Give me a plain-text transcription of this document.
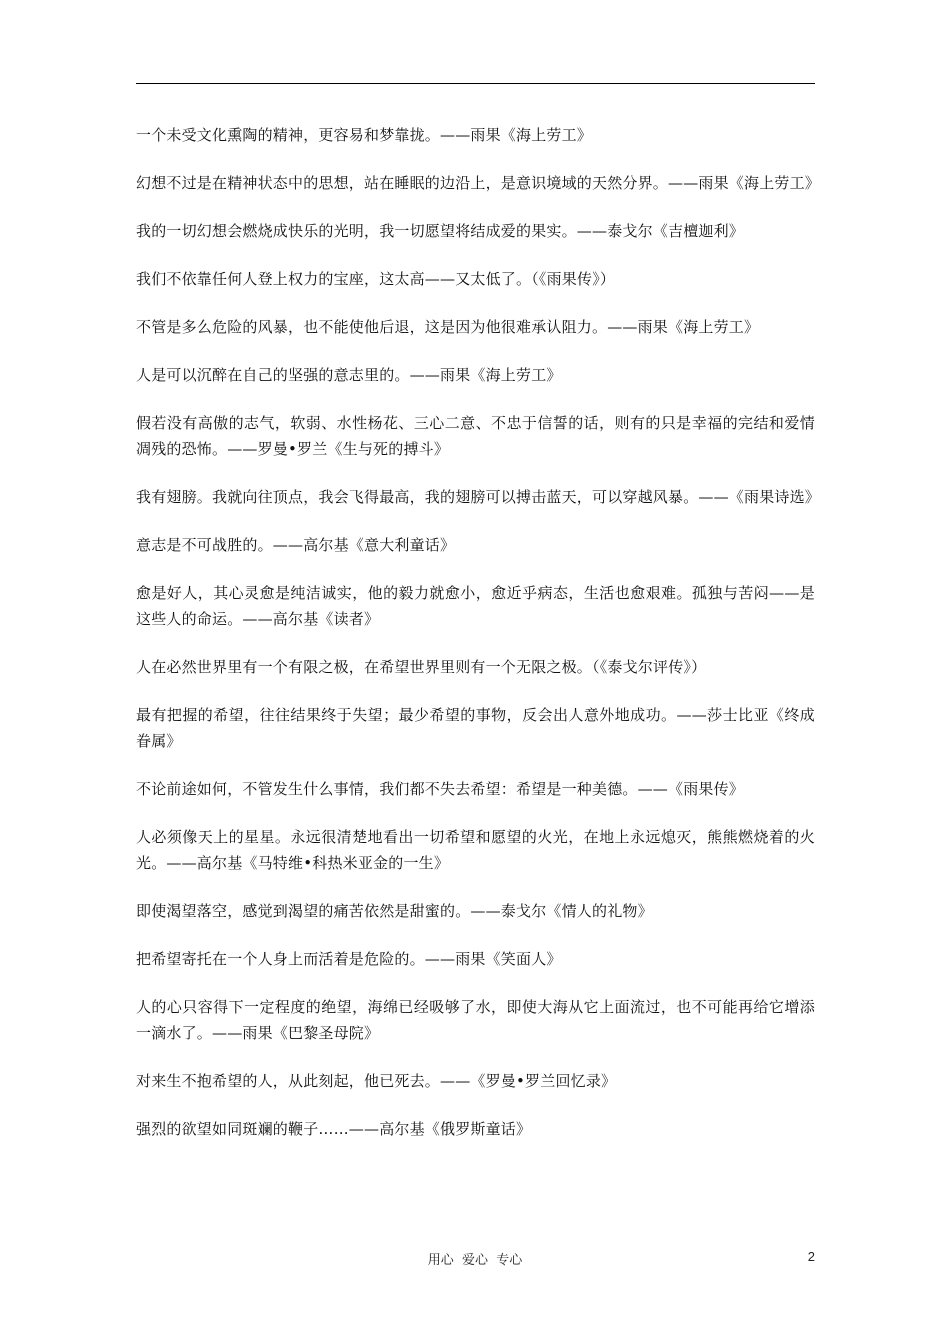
一个未受文化熏陶的精神，更容易和梦靠拢。——雨果《海上劳工》

幻想不过是在精神状态中的思想，站在睡眠的边沿上，是意识境域的天然分界。——雨果《海上劳工》

我的一切幻想会燃烧成快乐的光明，我一切愿望将结成爱的果实。——泰戈尔《吉檀迦利》

我们不依靠任何人登上权力的宝座，这太高——又太低了。（《雨果传》）

不管是多么危险的风暴，也不能使他后退，这是因为他很难承认阻力。——雨果《海上劳工》

人是可以沉醉在自己的坚强的意志里的。——雨果《海上劳工》

假若没有高傲的志气，软弱、水性杨花、三心二意、不忠于信誓的话，则有的只是幸福的完结和爱情凋残的恐怖。——罗曼•罗兰《生与死的搏斗》

我有翅膀。我就向往顶点，我会飞得最高，我的翅膀可以搏击蓝天，可以穿越风暴。——《雨果诗选》

意志是不可战胜的。——高尔基《意大利童话》

愈是好人，其心灵愈是纯洁诚实，他的毅力就愈小，愈近乎病态，生活也愈艰难。孤独与苦闷——是这些人的命运。——高尔基《读者》

人在必然世界里有一个有限之极，在希望世界里则有一个无限之极。（《泰戈尔评传》）

最有把握的希望，往往结果终于失望；最少希望的事物，反会出人意外地成功。——莎士比亚《终成眷属》

不论前途如何，不管发生什么事情，我们都不失去希望：希望是一种美德。——《雨果传》

人必须像天上的星星。永远很清楚地看出一切希望和愿望的火光，在地上永远熄灭，熊熊燃烧着的火光。——高尔基《马特维•科热米亚金的一生》

即使渴望落空，感觉到渴望的痛苦依然是甜蜜的。——泰戈尔《情人的礼物》

把希望寄托在一个人身上而活着是危险的。——雨果《笑面人》

人的心只容得下一定程度的绝望，海绵已经吸够了水，即使大海从它上面流过，也不可能再给它增添一滴水了。——雨果《巴黎圣母院》

对来生不抱希望的人，从此刻起，他已死去。——《罗曼•罗兰回忆录》

强烈的欲望如同斑斓的鞭子……——高尔基《俄罗斯童话》

用心  爱心  专心	2
